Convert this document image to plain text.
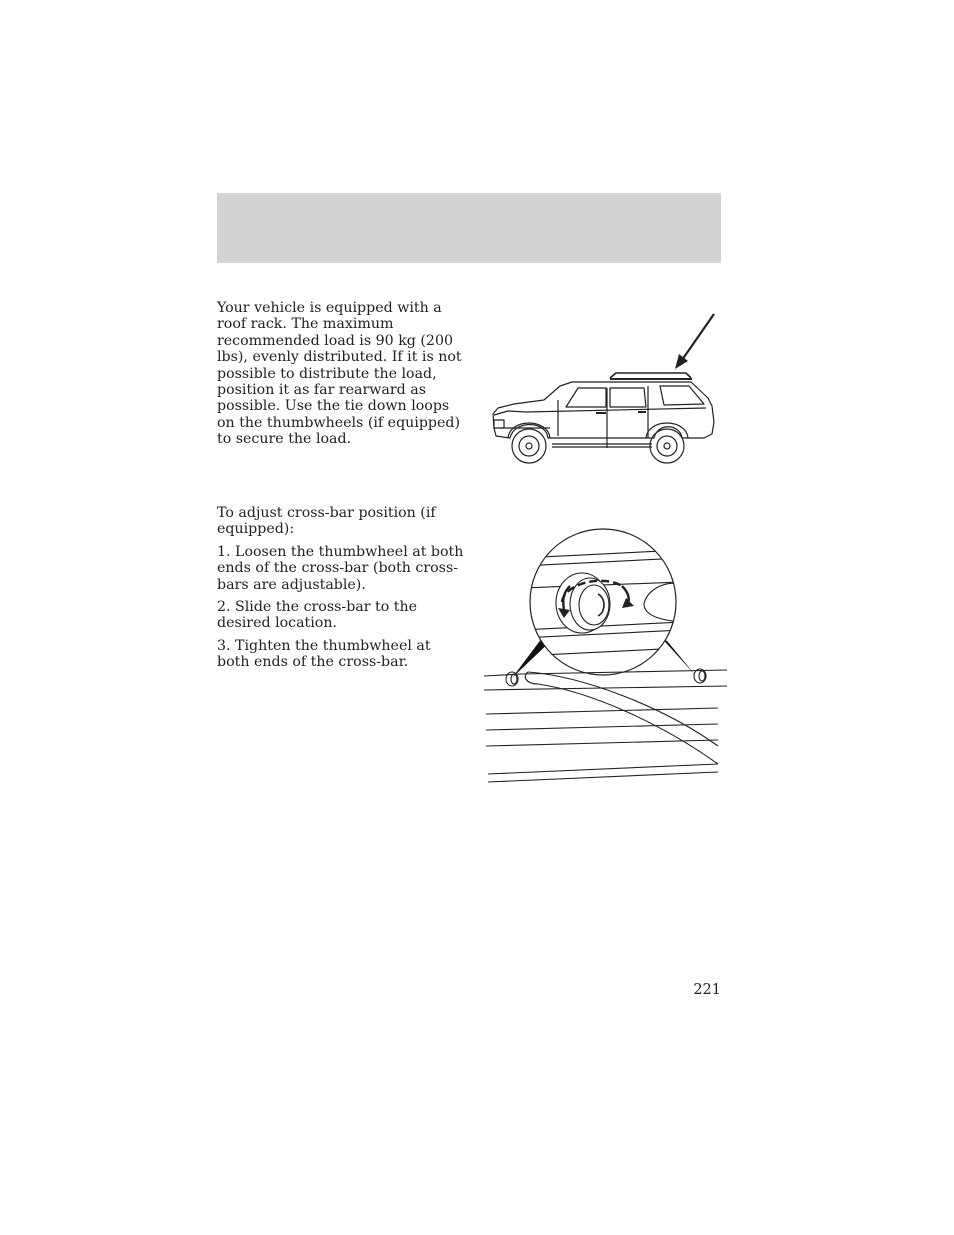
Your vehicle is equipped with a roof rack. The maximum recommended load is 90 kg (200 lbs), evenly distributed. If it is not possible to distribute the load, position it as far rearward as possible. Use the tie down loops on the thumbwheels (if equipped) to secure the load.

To adjust cross-bar position (if equipped):

1. Loosen the thumbwheel at both ends of the cross-bar (both cross-bars are adjustable).

2. Slide the cross-bar to the desired location.

3. Tighten the thumbwheel at both ends of the cross-bar.

221
